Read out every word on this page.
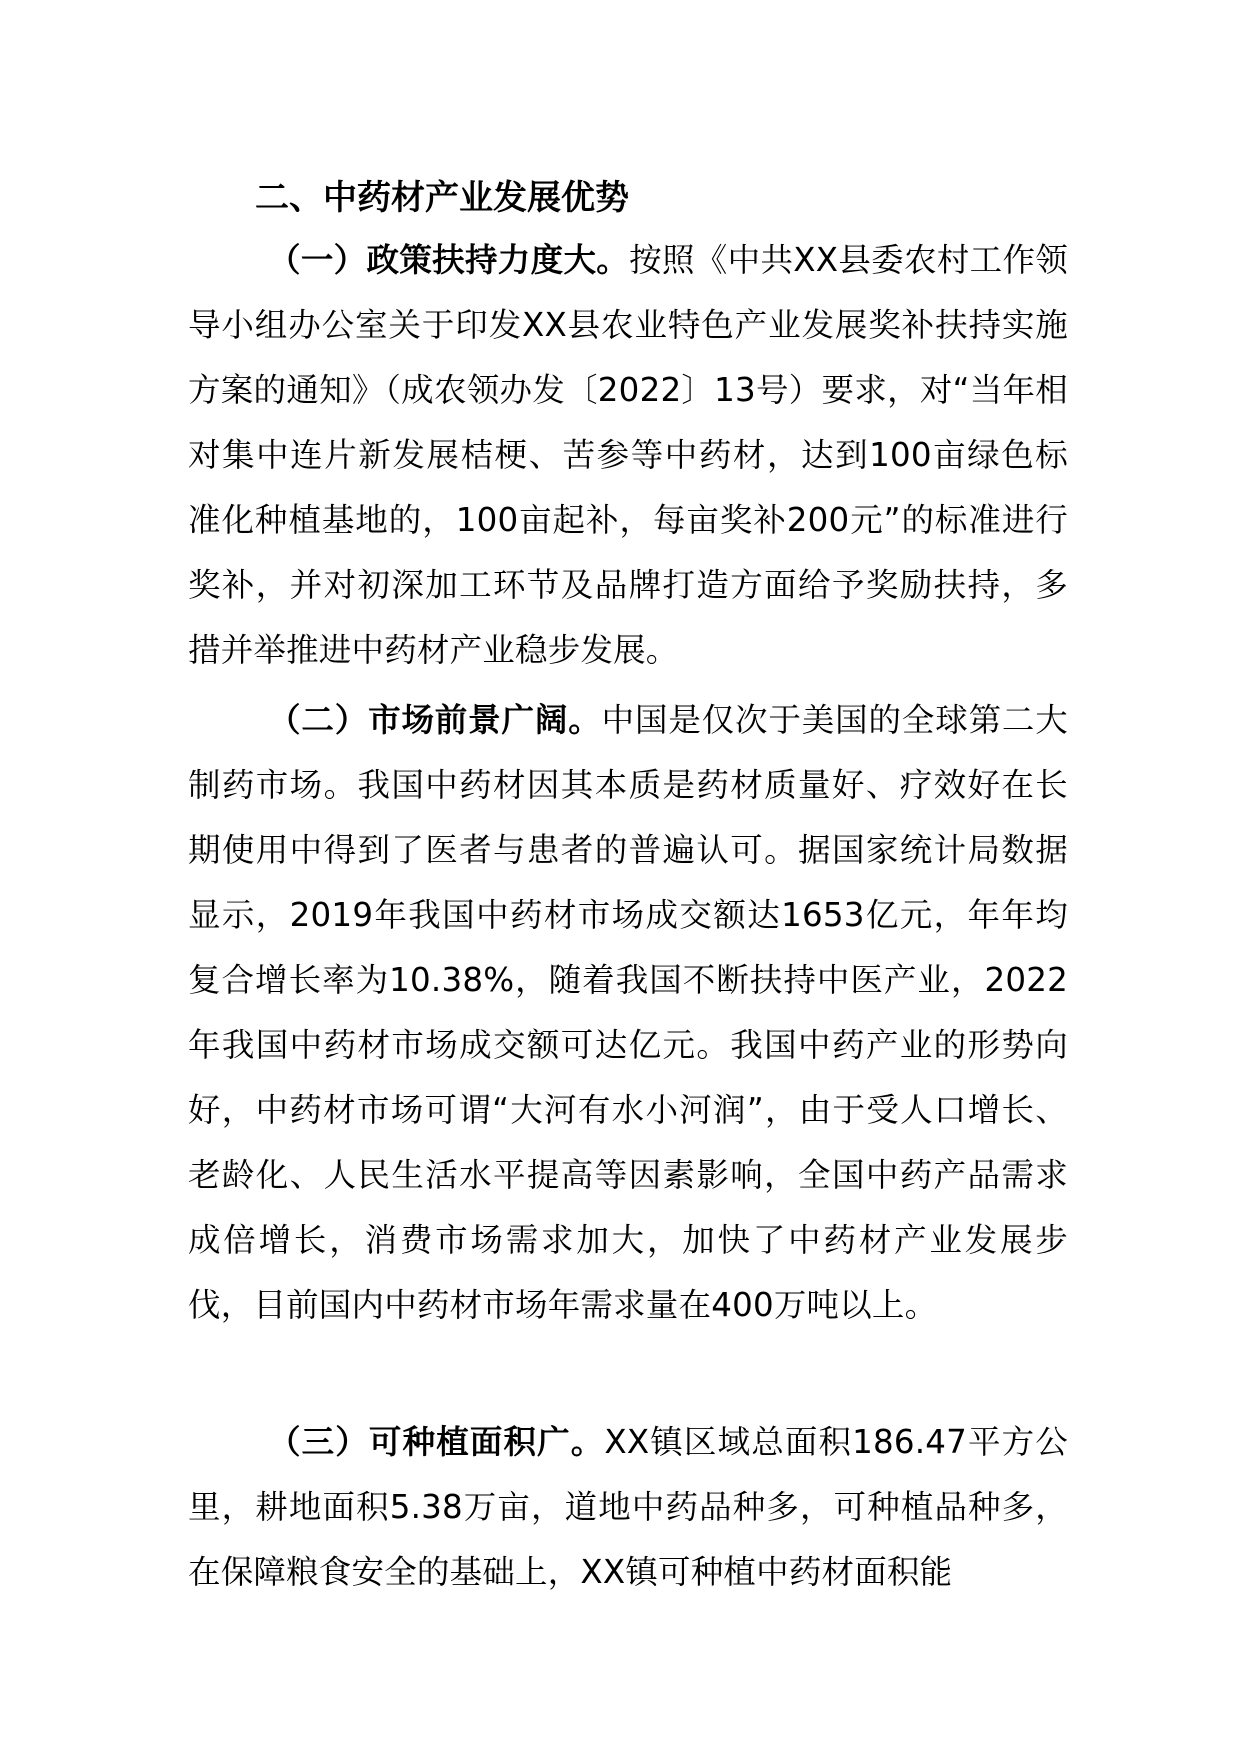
二、中药材产业发展优势

（一）政策扶持力度大。按照《中共XX县委农村工作领导小组办公室关于印发XX县农业特色产业发展奖补扶持实施方案的通知》（成农领办发〔2022〕13号）要求，对“当年相对集中连片新发展桔梗、苦参等中药材，达到100亩绿色标准化种植基地的，100亩起补，每亩奖补200元”的标准进行奖补，并对初深加工环节及品牌打造方面给予奖励扶持，多措并举推进中药材产业稳步发展。

（二）市场前景广阔。中国是仅次于美国的全球第二大制药市场。我国中药材因其本质是药材质量好、疗效好在长期使用中得到了医者与患者的普遍认可。据国家统计局数据显示，2019年我国中药材市场成交额达1653亿元，年年均复合增长率为10.38%，随着我国不断扶持中医产业，2022年我国中药材市场成交额可达亿元。我国中药产业的形势向好，中药材市场可谓“大河有水小河润”，由于受人口增长、老龄化、人民生活水平提高等因素影响，全国中药产品需求成倍增长，消费市场需求加大，加快了中药材产业发展步伐，目前国内中药材市场年需求量在400万吨以上。

（三）可种植面积广。XX镇区域总面积186.47平方公里，耕地面积5.38万亩，道地中药品种多，可种植品种多，在保障粮食安全的基础上，XX镇可种植中药材面积能
